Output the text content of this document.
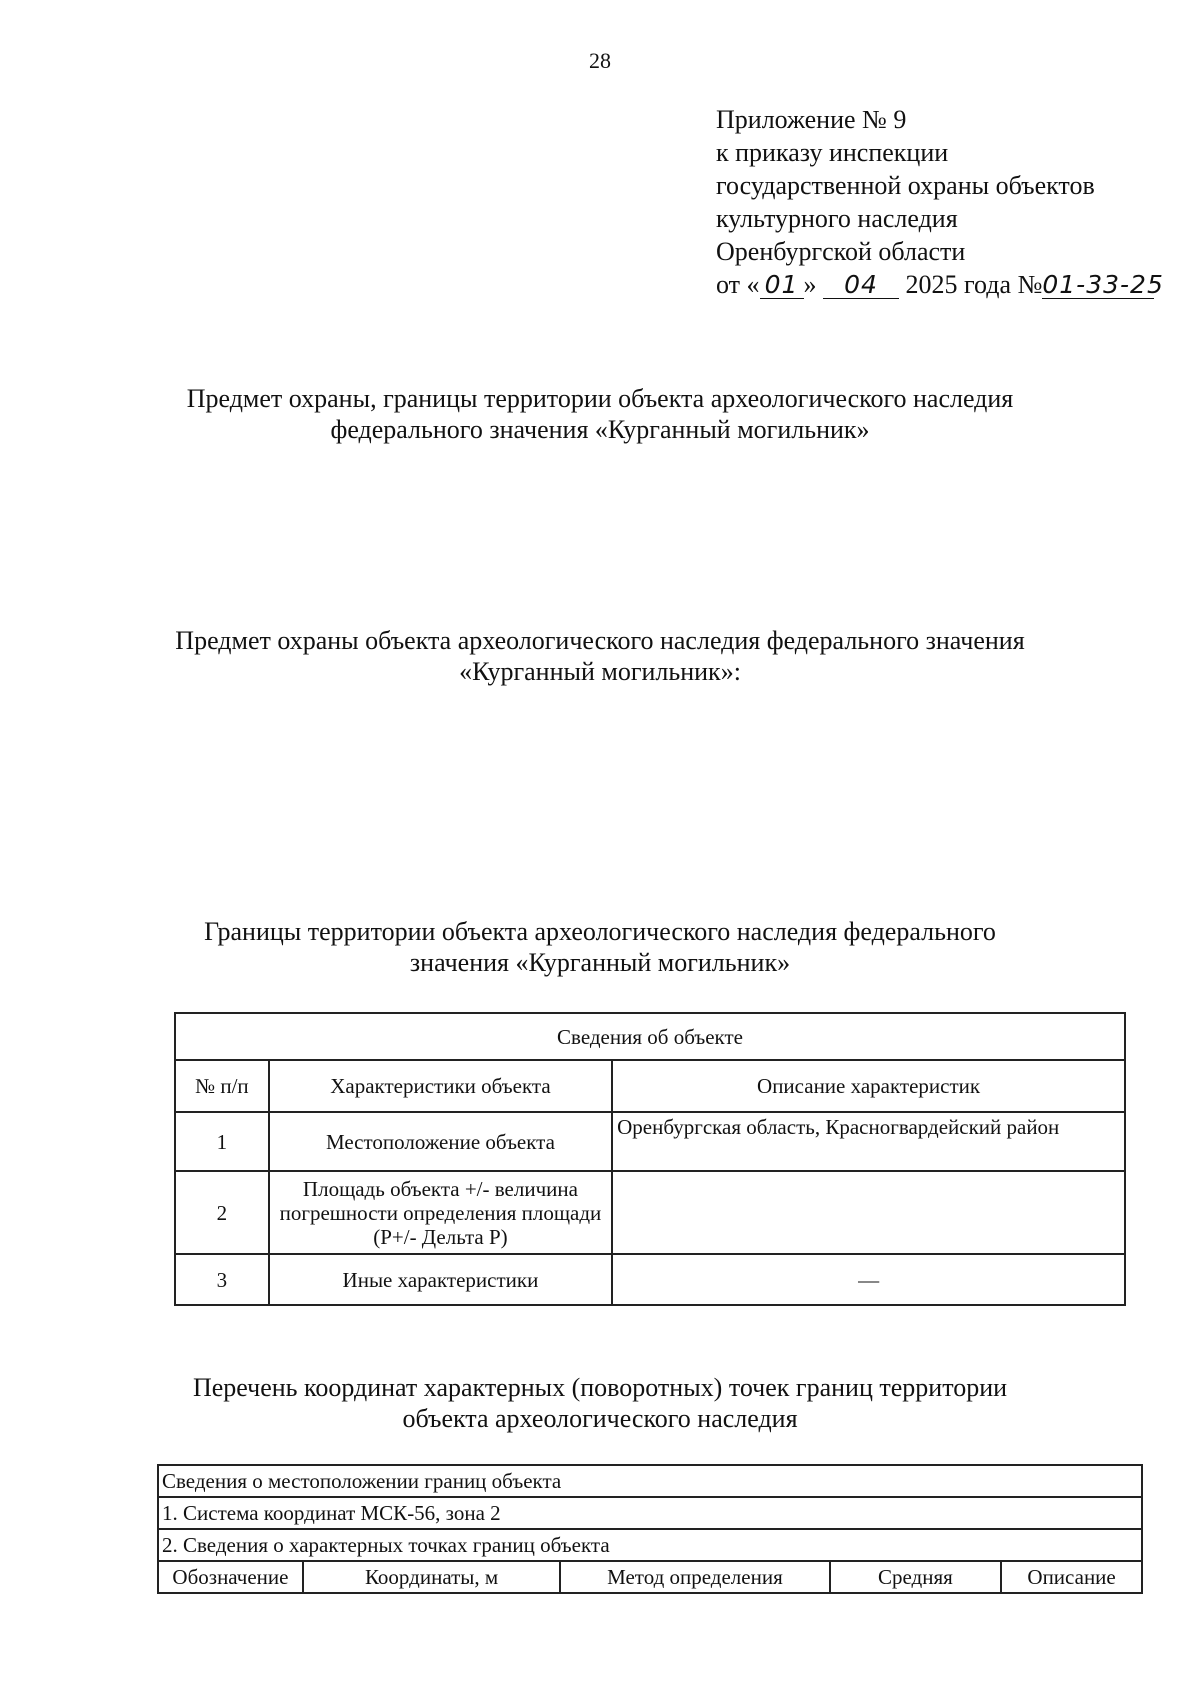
28
Приложение № 9
к приказу инспекции
государственной охраны объектов
культурного наследия
Оренбургской области
от « 01 » 04 2025 года №01-33-25
Предмет охраны, границы территории объекта археологического наследия
федерального значения «Курганный могильник»
Предмет охраны объекта археологического наследия федерального значения
«Курганный могильник»:
Границы территории объекта археологического наследия федерального
значения «Курганный могильник»
Сведения об объекте		
№ п/п	Характеристики объекта	Описание характеристик
1	Местоположение объекта	Оренбургская область, Красногвардейский район
2	Площадь объекта +/- величина погрешности определения площади (P+/- Дельта P)	
3	Иные характеристики	—
Перечень координат характерных (поворотных) точек границ территории
объекта археологического наследия
Сведения о местоположении границ объекта
1. Система координат МСК-56, зона 2
2. Сведения о характерных точках границ объекта
Обозначение	Координаты, м	Метод определения	Средняя	Описание
